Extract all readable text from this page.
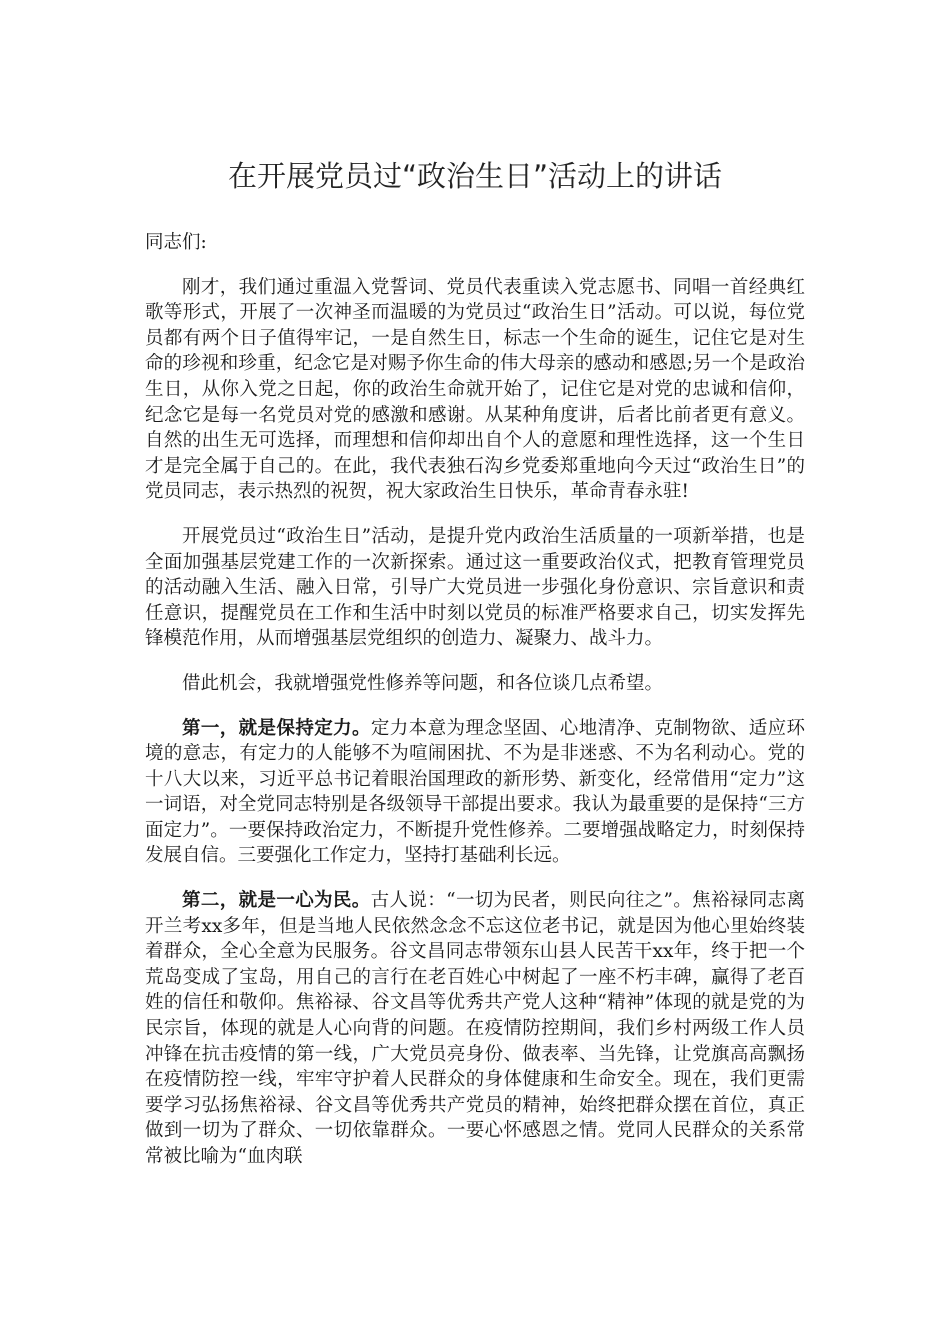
在开展党员过“政治生日”活动上的讲话

同志们:

刚才，我们通过重温入党誓词、党员代表重读入党志愿书、同唱一首经典红歌等形式，开展了一次神圣而温暖的为党员过“政治生日”活动。可以说，每位党员都有两个日子值得牢记，一是自然生日，标志一个生命的诞生，记住它是对生命的珍视和珍重，纪念它是对赐予你生命的伟大母亲的感动和感恩;另一个是政治生日，从你入党之日起，你的政治生命就开始了，记住它是对党的忠诚和信仰，纪念它是每一名党员对党的感激和感谢。从某种角度讲，后者比前者更有意义。自然的出生无可选择，而理想和信仰却出自个人的意愿和理性选择，这一个生日才是完全属于自己的。在此，我代表独石沟乡党委郑重地向今天过“政治生日”的党员同志，表示热烈的祝贺，祝大家政治生日快乐，革命青春永驻!

开展党员过“政治生日”活动，是提升党内政治生活质量的一项新举措，也是全面加强基层党建工作的一次新探索。通过这一重要政治仪式，把教育管理党员的活动融入生活、融入日常，引导广大党员进一步强化身份意识、宗旨意识和责任意识，提醒党员在工作和生活中时刻以党员的标准严格要求自己，切实发挥先锋模范作用，从而增强基层党组织的创造力、凝聚力、战斗力。

借此机会，我就增强党性修养等问题，和各位谈几点希望。

第一，就是保持定力。定力本意为理念坚固、心地清净、克制物欲、适应环境的意志，有定力的人能够不为喧闹困扰、不为是非迷惑、不为名利动心。党的十八大以来，习近平总书记着眼治国理政的新形势、新变化，经常借用“定力”这一词语，对全党同志特别是各级领导干部提出要求。我认为最重要的是保持“三方面定力”。一要保持政治定力，不断提升党性修养。二要增强战略定力，时刻保持发展自信。三要强化工作定力，坚持打基础利长远。

第二，就是一心为民。古人说：“一切为民者，则民向往之”。焦裕禄同志离开兰考xx多年，但是当地人民依然念念不忘这位老书记，就是因为他心里始终装着群众，全心全意为民服务。谷文昌同志带领东山县人民苦干xx年，终于把一个荒岛变成了宝岛，用自己的言行在老百姓心中树起了一座不朽丰碑，赢得了老百姓的信任和敬仰。焦裕禄、谷文昌等优秀共产党人这种“精神”体现的就是党的为民宗旨，体现的就是人心向背的问题。在疫情防控期间，我们乡村两级工作人员冲锋在抗击疫情的第一线，广大党员亮身份、做表率、当先锋，让党旗高高飘扬在疫情防控一线，牢牢守护着人民群众的身体健康和生命安全。现在，我们更需要学习弘扬焦裕禄、谷文昌等优秀共产党员的精神，始终把群众摆在首位，真正做到一切为了群众、一切依靠群众。一要心怀感恩之情。党同人民群众的关系常常被比喻为“血肉联
